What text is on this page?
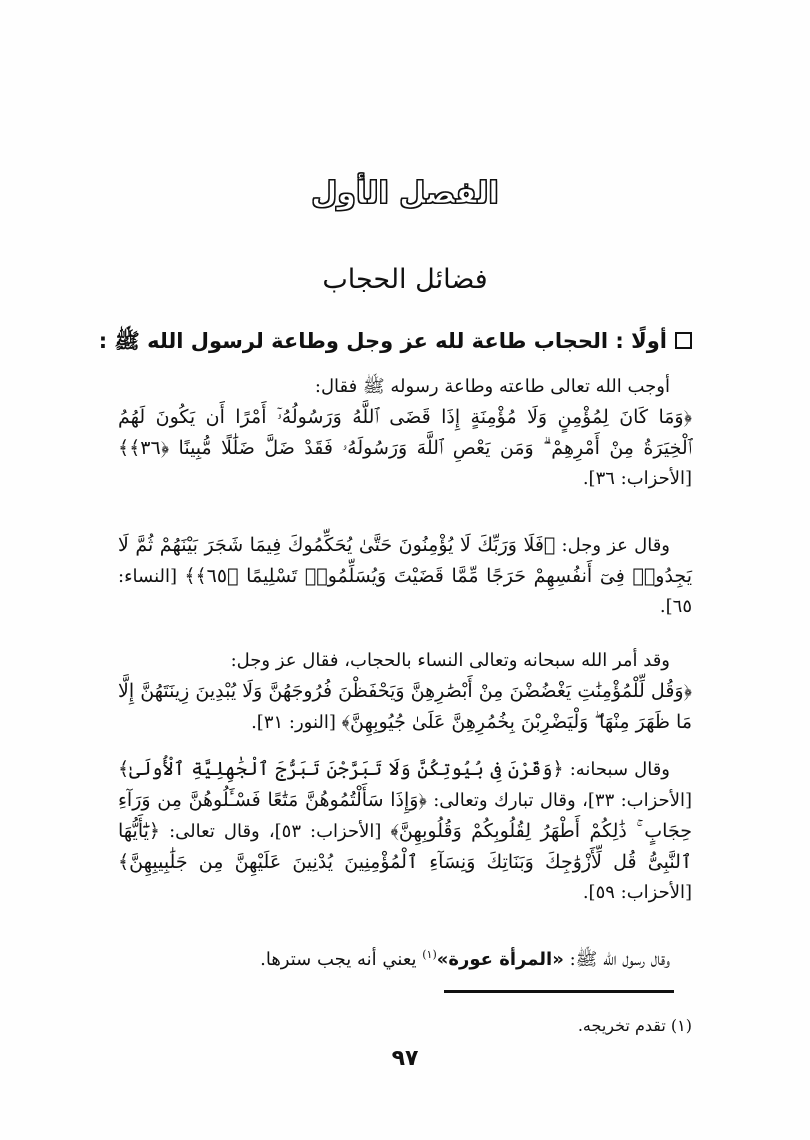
الفصل الأول
فضائل الحجاب
أولًا : الحجاب طاعة لله عز وجل وطاعة لرسول الله ﷺ :
أوجب الله تعالى طاعته وطاعة رسوله ﷺ فقال:
﴿وَمَا كَانَ لِمُؤْمِنٍ وَلَا مُؤْمِنَةٍ إِذَا قَضَى ٱللَّهُ وَرَسُولُهُۥٓ أَمْرًا أَن يَكُونَ لَهُمُ ٱلْخِيَرَةُ مِنْ أَمْرِهِمْ ۗ وَمَن يَعْصِ ٱللَّهَ وَرَسُولَهُۥ فَقَدْ ضَلَّ ضَلَٰلًا مُّبِينًا ﴿٣٦﴾﴾ [الأحزاب: ٣٦].
وقال عز وجل: ﴿فَلَا وَرَبِّكَ لَا يُؤْمِنُونَ حَتَّىٰ يُحَكِّمُوكَ فِيمَا شَجَرَ بَيْنَهُمْ ثُمَّ لَا يَجِدُوا۟ فِىٓ أَنفُسِهِمْ حَرَجًا مِّمَّا قَضَيْتَ وَيُسَلِّمُوا۟ تَسْلِيمًا ﴿٦٥﴾﴾ [النساء: ٦٥].
وقد أمر الله سبحانه وتعالى النساء بالحجاب، فقال عز وجل:
﴿وَقُل لِّلْمُؤْمِنَٰتِ يَغْضُضْنَ مِنْ أَبْصَٰرِهِنَّ وَيَحْفَظْنَ فُرُوجَهُنَّ وَلَا يُبْدِينَ زِينَتَهُنَّ إِلَّا مَا ظَهَرَ مِنْهَا ۖ وَلْيَضْرِبْنَ بِخُمُرِهِنَّ عَلَىٰ جُيُوبِهِنَّ﴾ [النور: ٣١].
وقال سبحانه: ﴿وَقَرْنَ فِى بُيُوتِكُنَّ وَلَا تَبَرَّجْنَ تَبَرُّجَ ٱلْجَٰهِلِيَّةِ ٱلْأُولَىٰ﴾ [الأحزاب: ٣٣]، وقال تبارك وتعالى: ﴿وَإِذَا سَأَلْتُمُوهُنَّ مَتَٰعًا فَسْـَٔلُوهُنَّ مِن وَرَآءِ حِجَابٍ ۚ ذَٰلِكُمْ أَطْهَرُ لِقُلُوبِكُمْ وَقُلُوبِهِنَّ﴾ [الأحزاب: ٥٣]، وقال تعالى: ﴿يَٰٓأَيُّهَا ٱلنَّبِىُّ قُل لِّأَزْوَٰجِكَ وَبَنَاتِكَ وَنِسَآءِ ٱلْمُؤْمِنِينَ يُدْنِينَ عَلَيْهِنَّ مِن جَلَٰبِيبِهِنَّ﴾ [الأحزاب: ٥٩].
وقال رسول الله ﷺ: «المرأة عورة»$^{(١)}$ يعني أنه يجب سترها.
(١) تقدم تخريجه.
٩٧
